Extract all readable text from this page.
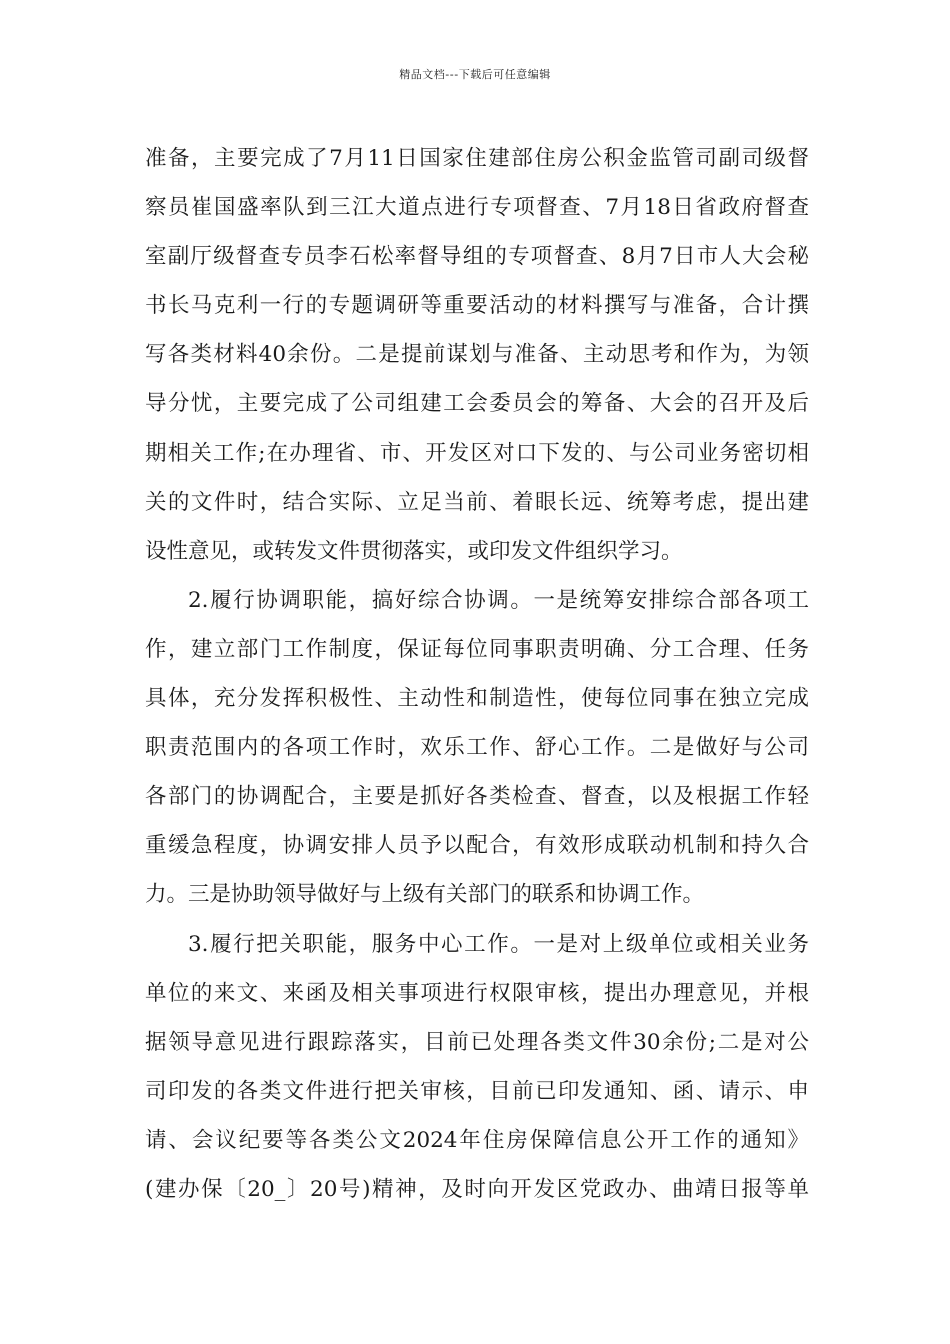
精品文档---下载后可任意编辑
准备，主要完成了7月11日国家住建部住房公积金监管司副司级督
察员崔国盛率队到三江大道点进行专项督查、7月18日省政府督查
室副厅级督查专员李石松率督导组的专项督查、8月7日市人大会秘
书长马克利一行的专题调研等重要活动的材料撰写与准备，合计撰
写各类材料40余份。二是提前谋划与准备、主动思考和作为，为领
导分忧，主要完成了公司组建工会委员会的筹备、大会的召开及后
期相关工作;在办理省、市、开发区对口下发的、与公司业务密切相
关的文件时，结合实际、立足当前、着眼长远、统筹考虑，提出建
设性意见，或转发文件贯彻落实，或印发文件组织学习。
2.履行协调职能，搞好综合协调。一是统筹安排综合部各项工
作，建立部门工作制度，保证每位同事职责明确、分工合理、任务
具体，充分发挥积极性、主动性和制造性，使每位同事在独立完成
职责范围内的各项工作时，欢乐工作、舒心工作。二是做好与公司
各部门的协调配合，主要是抓好各类检查、督查，以及根据工作轻
重缓急程度，协调安排人员予以配合，有效形成联动机制和持久合
力。三是协助领导做好与上级有关部门的联系和协调工作。
3.履行把关职能，服务中心工作。一是对上级单位或相关业务
单位的来文、来函及相关事项进行权限审核，提出办理意见，并根
据领导意见进行跟踪落实，目前已处理各类文件30余份;二是对公
司印发的各类文件进行把关审核，目前已印发通知、函、请示、申
请、会议纪要等各类公文2024年住房保障信息公开工作的通知》
(建办保〔20_〕20号)精神，及时向开发区党政办、曲靖日报等单
